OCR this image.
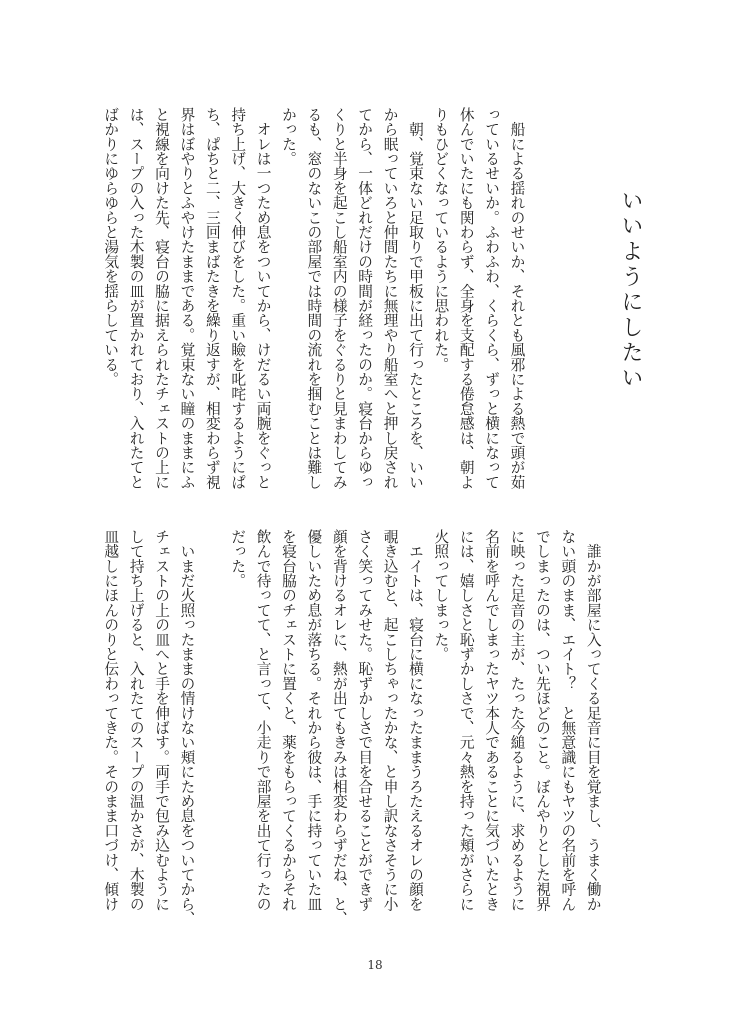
いいようにしたい
　船による揺れのせいか、それとも風邪による熱で頭が茹
っているせいか。ふわふわ、くらくら、ずっと横になって
休んでいたにも関わらず、全身を支配する倦怠感は、朝よ
りもひどくなっているように思われた。
　朝、覚束ない足取りで甲板に出て行ったところを、いい
から眠っていろと仲間たちに無理やり船室へと押し戻され
てから、一体どれだけの時間が経ったのか。寝台からゆっ
くりと半身を起こし船室内の様子をぐるりと見まわしてみ
るも、窓のないこの部屋では時間の流れを掴むことは難し
かった。
　オレは一つため息をついてから、けだるい両腕をぐっと
持ち上げ、大きく伸びをした。重い瞼を叱咤するようにぱ
ち、ぱちと二、三回まばたきを繰り返すが、相変わらず視
界はぼやりとふやけたままである。覚束ない瞳のままにふ
と視線を向けた先、寝台の脇に据えられたチェストの上に
は、スープの入った木製の皿が置かれており、入れたてと
ばかりにゆらゆらと湯気を揺らしている。
　誰かが部屋に入ってくる足音に目を覚まし、うまく働か
ない頭のまま、エイト？　と無意識にもヤツの名前を呼ん
でしまったのは、つい先ほどのこと。ぼんやりとした視界
に映った足音の主が、たった今縋るように、求めるように
名前を呼んでしまったヤツ本人であることに気づいたとき
には、嬉しさと恥ずかしさで、元々熱を持った頬がさらに
火照ってしまった。
　エイトは、寝台に横になったままうろたえるオレの顔を
覗き込むと、起こしちゃったかな、と申し訳なさそうに小
さく笑ってみせた。恥ずかしさで目を合せることができず
顔を背けるオレに、熱が出てもきみは相変わらずだね、と、
優しいため息が落ちる。それから彼は、手に持っていた皿
を寝台脇のチェストに置くと、薬をもらってくるからそれ
飲んで待ってて、と言って、小走りで部屋を出て行ったの
だった。
　いまだ火照ったままの情けない頬にため息をついてから、
チェストの上の皿へと手を伸ばす。両手で包み込むように
して持ち上げると、入れたてのスープの温かさが、木製の
皿越しにほんのりと伝わってきた。そのまま口づけ、傾け
18
